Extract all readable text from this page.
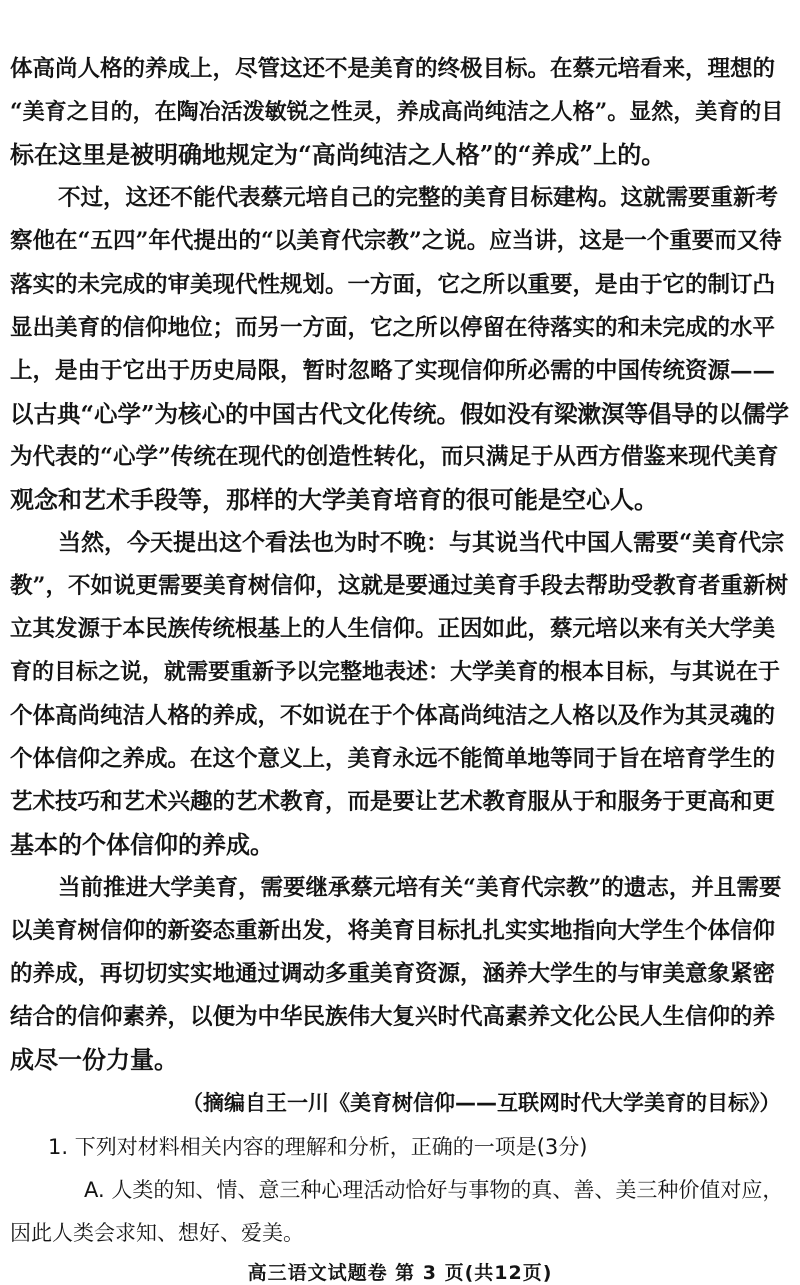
体高尚人格的养成上，尽管这还不是美育的终极目标。在蔡元培看来，理想的
“美育之目的，在陶冶活泼敏锐之性灵，养成高尚纯洁之人格”。显然，美育的目
标在这里是被明确地规定为“高尚纯洁之人格”的“养成”上的。
不过，这还不能代表蔡元培自己的完整的美育目标建构。这就需要重新考
察他在“五四”年代提出的“以美育代宗教”之说。应当讲，这是一个重要而又待
落实的未完成的审美现代性规划。一方面，它之所以重要，是由于它的制订凸
显出美育的信仰地位；而另一方面，它之所以停留在待落实的和未完成的水平
上，是由于它出于历史局限，暂时忽略了实现信仰所必需的中国传统资源——
以古典“心学”为核心的中国古代文化传统。假如没有梁漱溟等倡导的以儒学
为代表的“心学”传统在现代的创造性转化，而只满足于从西方借鉴来现代美育
观念和艺术手段等，那样的大学美育培育的很可能是空心人。
当然，今天提出这个看法也为时不晚：与其说当代中国人需要“美育代宗
教”，不如说更需要美育树信仰，这就是要通过美育手段去帮助受教育者重新树
立其发源于本民族传统根基上的人生信仰。正因如此，蔡元培以来有关大学美
育的目标之说，就需要重新予以完整地表述：大学美育的根本目标，与其说在于
个体高尚纯洁人格的养成，不如说在于个体高尚纯洁之人格以及作为其灵魂的
个体信仰之养成。在这个意义上，美育永远不能简单地等同于旨在培育学生的
艺术技巧和艺术兴趣的艺术教育，而是要让艺术教育服从于和服务于更高和更
基本的个体信仰的养成。
当前推进大学美育，需要继承蔡元培有关“美育代宗教”的遗志，并且需要
以美育树信仰的新姿态重新出发，将美育目标扎扎实实地指向大学生个体信仰
的养成，再切切实实地通过调动多重美育资源，涵养大学生的与审美意象紧密
结合的信仰素养，以便为中华民族伟大复兴时代高素养文化公民人生信仰的养
成尽一份力量。
（摘编自王一川《美育树信仰——互联网时代大学美育的目标》）
1. 下列对材料相关内容的理解和分析，正确的一项是(3分)
A. 人类的知、情、意三种心理活动恰好与事物的真、善、美三种价值对应，
因此人类会求知、想好、爱美。
高三语文试题卷 第 3 页(共12页)
